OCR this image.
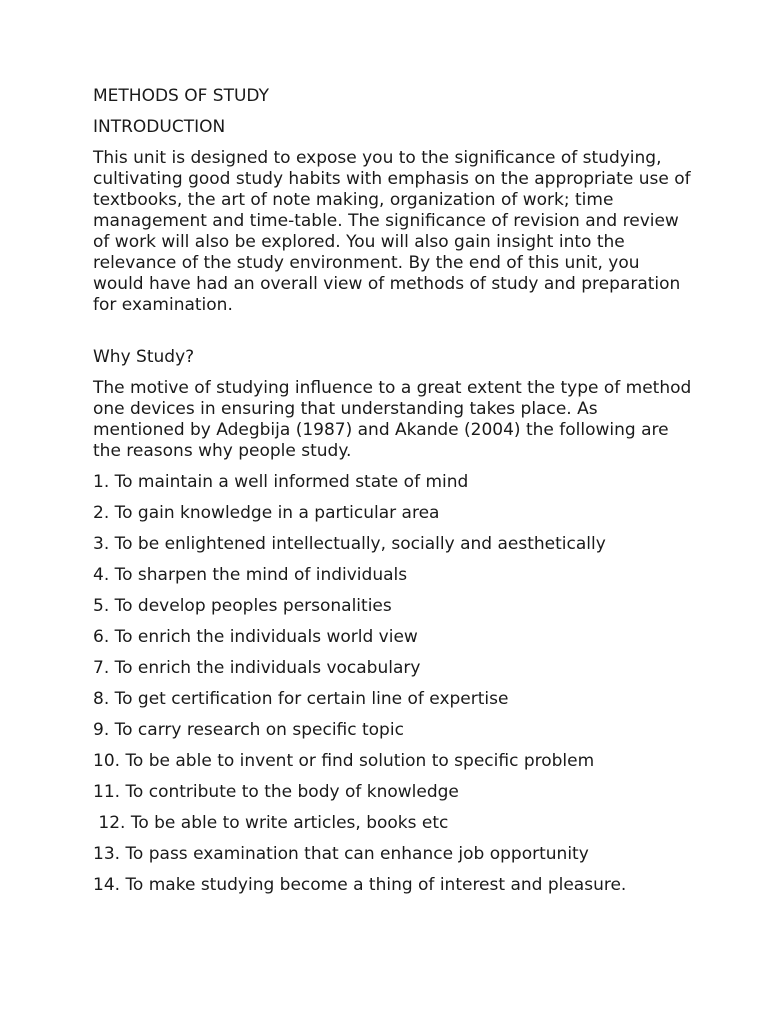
METHODS OF STUDY
INTRODUCTION
This unit is designed to expose you to the significance of studying, cultivating good study habits with emphasis on the appropriate use of textbooks, the art of note making, organization of work; time management and time-table. The significance of revision and review of work will also be explored. You will also gain insight into the relevance of the study environment. By the end of this unit, you would have had an overall view of methods of study and preparation for examination.
Why Study?
The motive of studying influence to a great extent the type of method one devices in ensuring that understanding takes place. As mentioned by Adegbija (1987) and Akande (2004) the following are the reasons why people study.
1. To maintain a well informed state of mind
2. To gain knowledge in a particular area
3. To be enlightened intellectually, socially and aesthetically
4. To sharpen the mind of individuals
5. To develop peoples personalities
6. To enrich the individuals world view
7. To enrich the individuals vocabulary
8. To get certification for certain line of expertise
9. To carry research on specific topic
10. To be able to invent or find solution to specific problem
11. To contribute to the body of knowledge
12. To be able to write articles, books etc
13. To pass examination that can enhance job opportunity
14. To make studying become a thing of interest and pleasure.
